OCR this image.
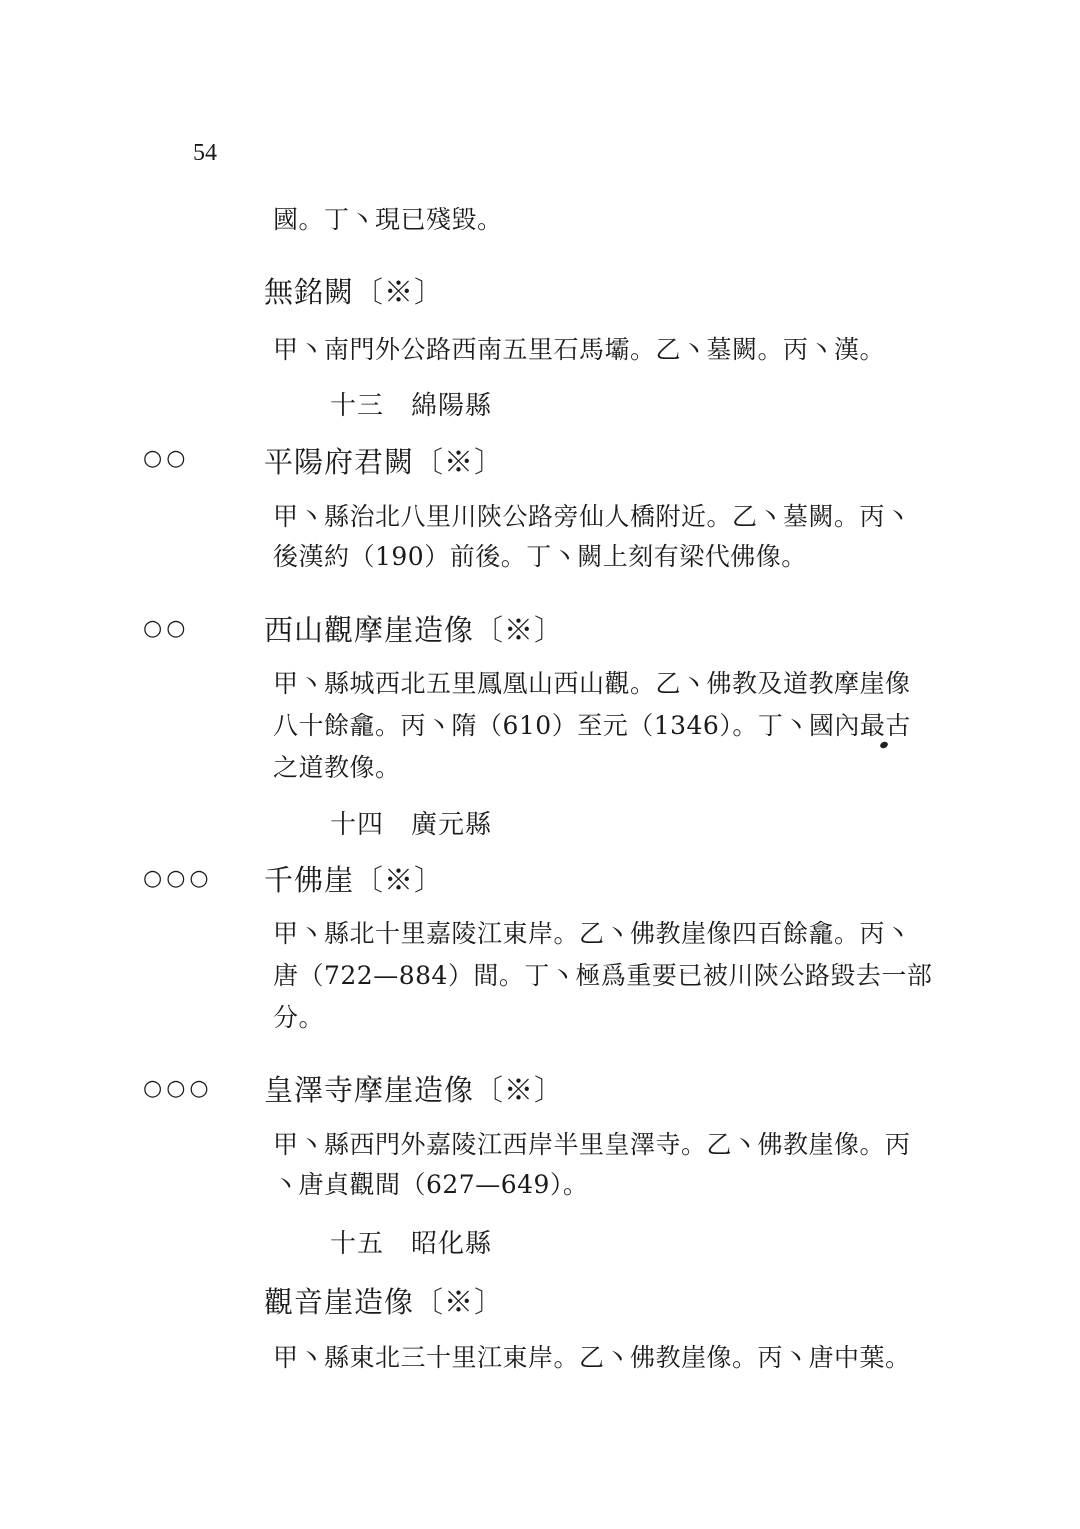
54
國。丁丶現已殘毀。
無銘闕〔※〕
甲丶南門外公路西南五里石馬壩。乙丶墓闕。丙丶漢。
十三　綿陽縣
○○	平陽府君闕〔※〕
甲丶縣治北八里川陝公路旁仙人橋附近。乙丶墓闕。丙丶
後漢約（190）前後。丁丶闕上刻有梁代佛像。
○○	西山觀摩崖造像〔※〕
甲丶縣城西北五里鳳凰山西山觀。乙丶佛教及道教摩崖像
八十餘龕。丙丶隋（610）至元（1346）。丁丶國內最古
之道教像。
十四　廣元縣
○○○ 千佛崖〔※〕
甲丶縣北十里嘉陵江東岸。乙丶佛教崖像四百餘龕。丙丶
唐（722—884）間。丁丶極爲重要已被川陝公路毀去一部
分。
○○○ 皇澤寺摩崖造像〔※〕
甲丶縣西門外嘉陵江西岸半里皇澤寺。乙丶佛教崖像。丙
丶唐貞觀間（627—649）。
十五　昭化縣
觀音崖造像〔※〕
甲丶縣東北三十里江東岸。乙丶佛教崖像。丙丶唐中葉。
